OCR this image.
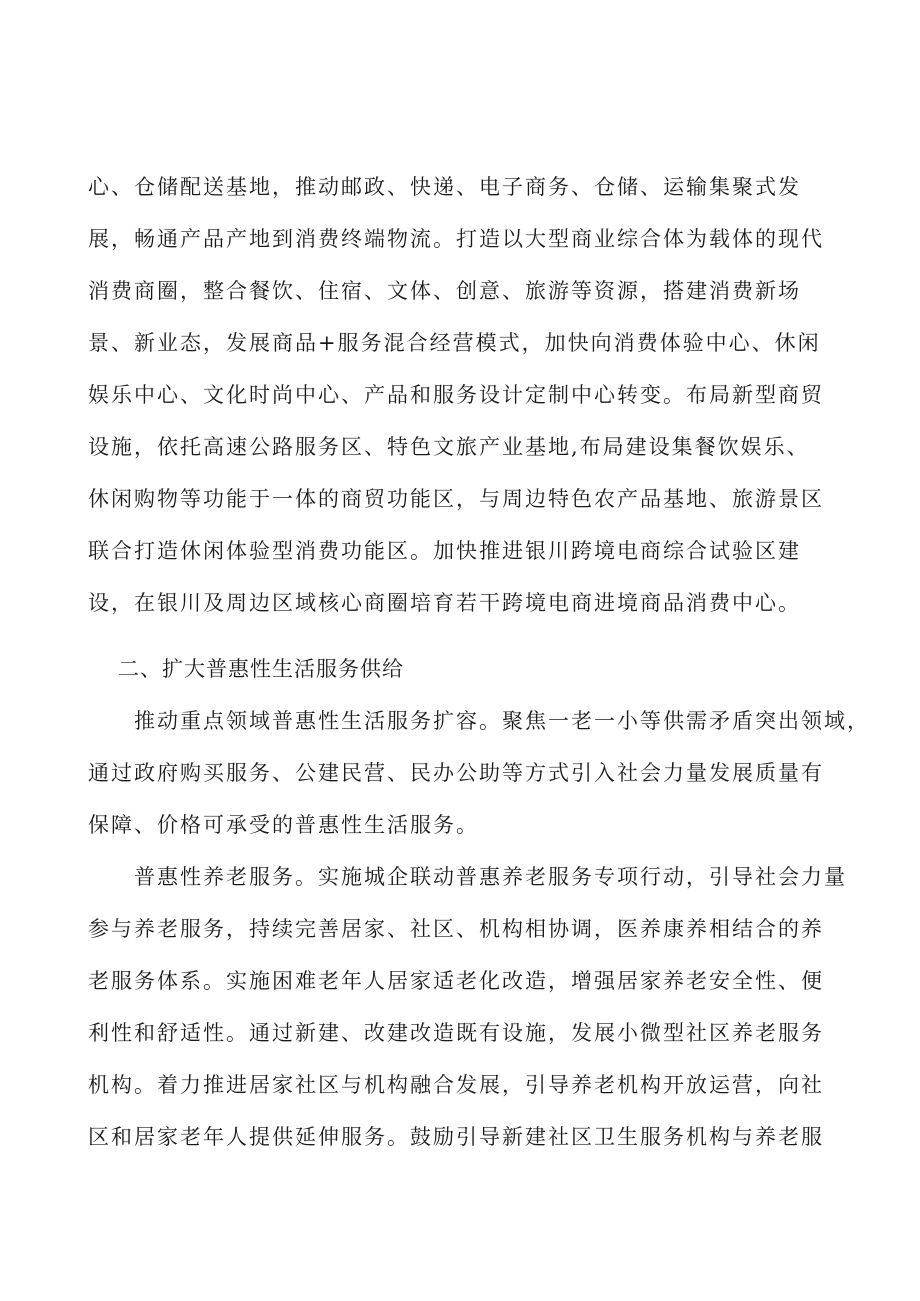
心、仓储配送基地，推动邮政、快递、电子商务、仓储、运输集聚式发
展，畅通产品产地到消费终端物流。打造以大型商业综合体为载体的现代
消费商圈，整合餐饮、住宿、文体、创意、旅游等资源，搭建消费新场
景、新业态，发展商品+服务混合经营模式，加快向消费体验中心、休闲
娱乐中心、文化时尚中心、产品和服务设计定制中心转变。布局新型商贸
设施，依托高速公路服务区、特色文旅产业基地,布局建设集餐饮娱乐、
休闲购物等功能于一体的商贸功能区，与周边特色农产品基地、旅游景区
联合打造休闲体验型消费功能区。加快推进银川跨境电商综合试验区建
设，在银川及周边区域核心商圈培育若干跨境电商进境商品消费中心。
二、扩大普惠性生活服务供给
推动重点领域普惠性生活服务扩容。聚焦一老一小等供需矛盾突出领域，
通过政府购买服务、公建民营、民办公助等方式引入社会力量发展质量有
保障、价格可承受的普惠性生活服务。
普惠性养老服务。实施城企联动普惠养老服务专项行动，引导社会力量
参与养老服务，持续完善居家、社区、机构相协调，医养康养相结合的养
老服务体系。实施困难老年人居家适老化改造，增强居家养老安全性、便
利性和舒适性。通过新建、改建改造既有设施，发展小微型社区养老服务
机构。着力推进居家社区与机构融合发展，引导养老机构开放运营，向社
区和居家老年人提供延伸服务。鼓励引导新建社区卫生服务机构与养老服
